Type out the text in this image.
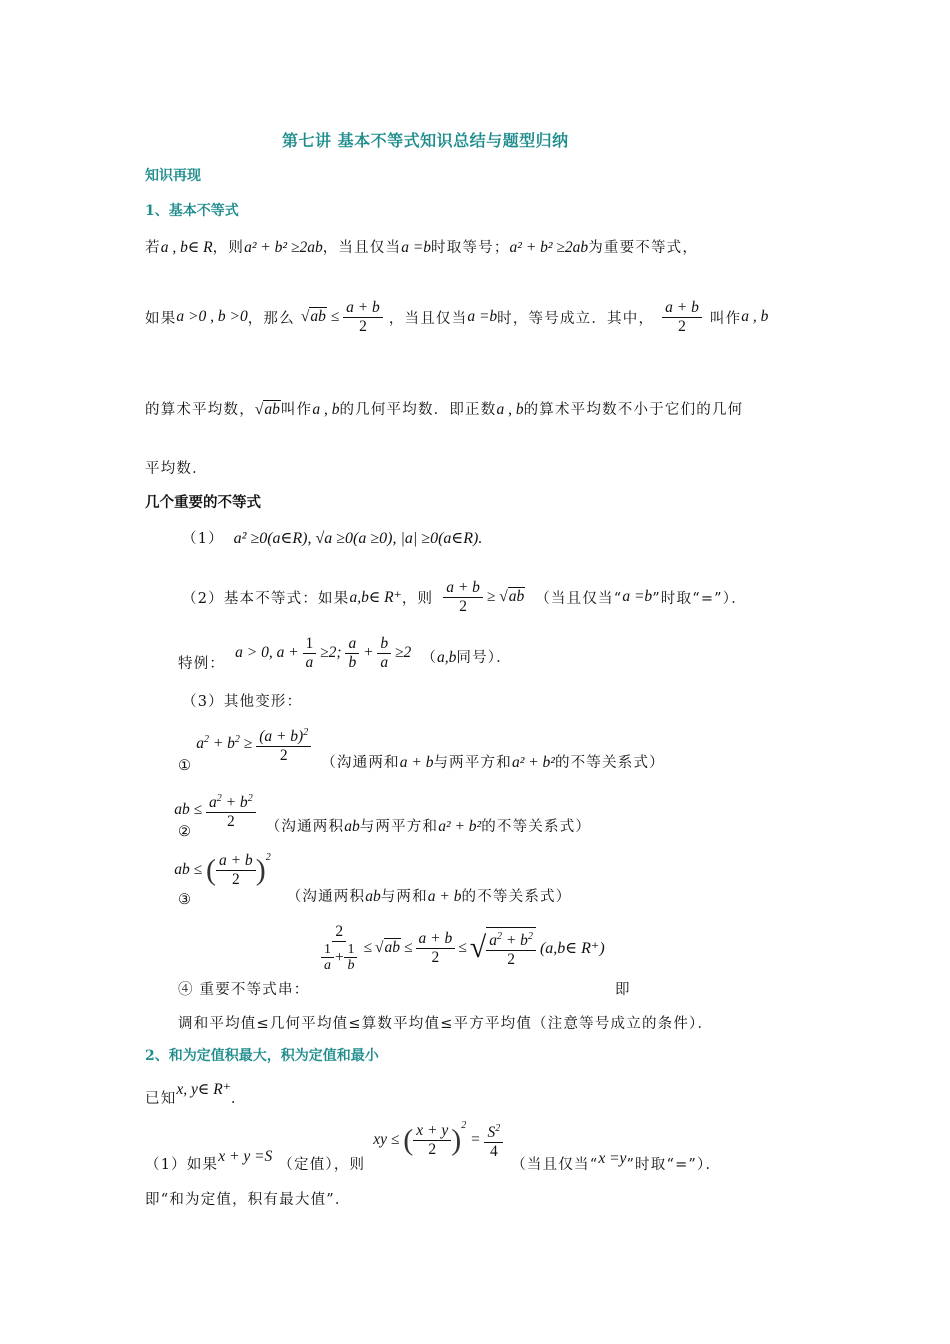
第七讲 基本不等式知识总结与题型归纳
知识再现
1、基本不等式
若a , b∈ R，则a² + b² ≥2ab，当且仅当a =b时取等号；a² + b² ≥2ab为重要不等式，
如果 a >0 , b >0 ，那么 $√ab \le \frac{a + b}{2}$ ，当且仅当 a =b 时，等号成立．其中， $\frac{a + b}{2}$ 叫作 a , b
的算术平均数，√ab叫作a , b的几何平均数．即正数a , b的算术平均数不小于它们的几何
平均数．
几个重要的不等式
（1） a² ≥0(a∈R), √a ≥0(a ≥0), |a| ≥0(a∈R).
（2）基本不等式：如果 a,b∈ R⁺ ，则 $\frac{a + b}{2} \ge √ab$ （当且仅当“ a =b ”时取“=”）．
特例：
a > 0, $a + \frac{1}{a} \ge 2$; $\frac{a}{b} + \frac{b}{a} \ge 2$ （ a,b 同号）．
（3）其他变形：
①
$a^2 + b^2 \ge \frac{(a + b)^2}{2}$ （沟通两和 a + b 与两平方和 a² + b² 的不等关系式）
②
ab ≤ $\frac{a^2 + b^2}{2}$ （沟通两积 ab 与两平方和 a² + b² 的不等关系式）
③
ab ≤ ( $\frac{a + b}{2} )^2$
（沟通两积 ab 与两和 a + b 的不等关系式）
$\frac{2}{\frac{1}{a} + \frac{1}{b}} \le √ab \le \frac{a + b}{2}$ ≤ √ $\frac{a^2 + b^2}{2}$ (a,b∈ R⁺)
④ 重要不等式串：	即
调和平均值≤几何平均值≤算数平均值≤平方平均值（注意等号成立的条件）．
2、和为定值积最大，积为定值和最小
已知
x, y∈ R⁺
．
（1）如果 x + y =S （定值），则
xy ≤ ( $\frac{x + y}{2} )^2 = \frac{S^2}{4}$
（当且仅当“ x =y ”时取“=”）．
即“和为定值，积有最大值”．
